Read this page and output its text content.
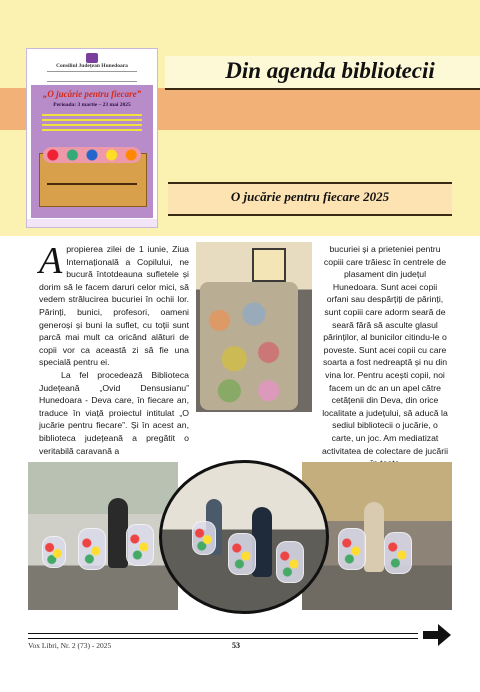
Din agenda bibliotecii
O jucărie pentru fiecare 2025
Consiliul Județean Hunedoara
„O jucărie pentru fiecare”
Perioada: 3 martie – 23 mai 2025

Apropierea zilei de 1 iunie, Ziua Internațională a Copilului, ne bucură întotdeauna sufletele și dorim să le facem daruri celor mici, să vedem strălucirea bucuriei în ochii lor. Părinți, bunici, profesori, oameni generoși și buni la suflet, cu toții sunt parcă mai mult ca oricând alături de copii vor ca această zi să fie una specială pentru ei.

La fel procedează Biblioteca Județeană „Ovid Densusianu” Hunedoara - Deva care, în fiecare an, traduce în viață proiectul intitulat „O jucărie pentru fiecare”. Și în acest an, biblioteca județeană a pregătit o veritabilă caravană a

bucuriei și a prieteniei pentru copiii care trăiesc în centrele de plasament din județul Hunedoara. Sunt acei copii orfani sau despărțiți de părinți, sunt copiii care adorm seară de seară fără să asculte glasul părinților, al bunicilor citindu-le o poveste. Sunt acei copii cu care soarta a fost nedreaptă și nu din vina lor. Pentru acești copii, noi facem un dc an un apel către cetățenii din Deva, din orice localitate a județului, să aducă la sediul bibliotecii o jucărie, o carte, un joc. Am mediatizat activitatea de colectare de jucării
Vox Libri, Nr. 2 (73) - 2025	53
